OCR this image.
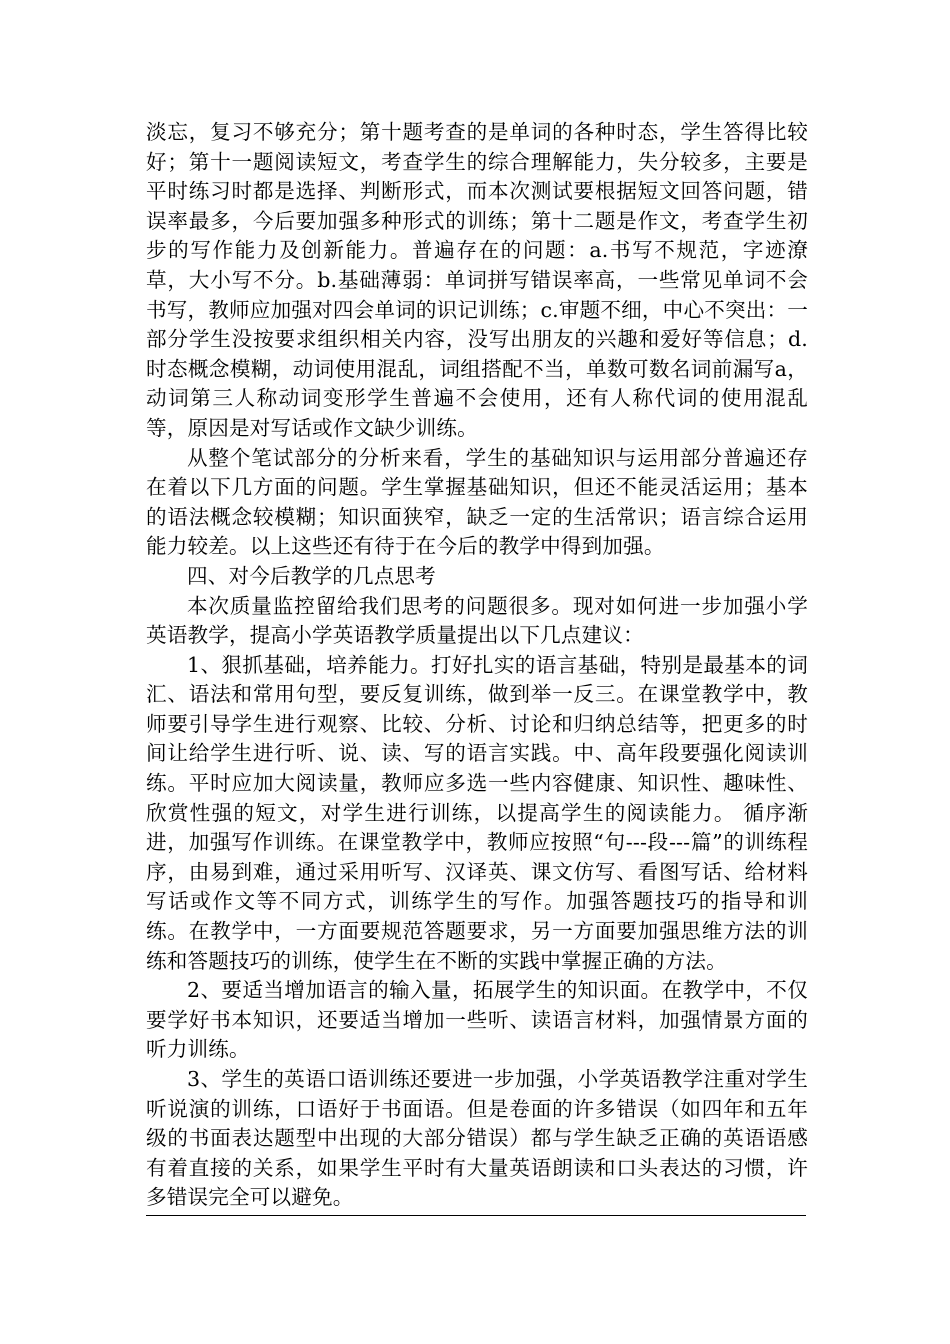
淡忘，复习不够充分；第十题考查的是单词的各种时态，学生答得比较好；第十一题阅读短文，考查学生的综合理解能力，失分较多，主要是平时练习时都是选择、判断形式，而本次测试要根据短文回答问题，错误率最多，今后要加强多种形式的训练；第十二题是作文，考查学生初步的写作能力及创新能力。普遍存在的问题：a.书写不规范，字迹潦草，大小写不分。b.基础薄弱：单词拼写错误率高，一些常见单词不会书写，教师应加强对四会单词的识记训练；c.审题不细，中心不突出：一部分学生没按要求组织相关内容，没写出朋友的兴趣和爱好等信息；d.时态概念模糊，动词使用混乱，词组搭配不当，单数可数名词前漏写a，动词第三人称动词变形学生普遍不会使用，还有人称代词的使用混乱等，原因是对写话或作文缺少训练。

从整个笔试部分的分析来看，学生的基础知识与运用部分普遍还存在着以下几方面的问题。学生掌握基础知识，但还不能灵活运用；基本的语法概念较模糊；知识面狭窄，缺乏一定的生活常识；语言综合运用能力较差。以上这些还有待于在今后的教学中得到加强。

四、对今后教学的几点思考

本次质量监控留给我们思考的问题很多。现对如何进一步加强小学英语教学，提高小学英语教学质量提出以下几点建议：

1、狠抓基础，培养能力。打好扎实的语言基础，特别是最基本的词汇、语法和常用句型，要反复训练，做到举一反三。在课堂教学中，教师要引导学生进行观察、比较、分析、讨论和归纳总结等，把更多的时间让给学生进行听、说、读、写的语言实践。中、高年段要强化阅读训练。平时应加大阅读量，教师应多选一些内容健康、知识性、趣味性、欣赏性强的短文，对学生进行训练，以提高学生的阅读能力。 循序渐进，加强写作训练。在课堂教学中，教师应按照“句---段---篇”的训练程序，由易到难，通过采用听写、汉译英、课文仿写、看图写话、给材料写话或作文等不同方式，训练学生的写作。加强答题技巧的指导和训练。在教学中，一方面要规范答题要求，另一方面要加强思维方法的训练和答题技巧的训练，使学生在不断的实践中掌握正确的方法。

2、要适当增加语言的输入量，拓展学生的知识面。在教学中，不仅要学好书本知识，还要适当增加一些听、读语言材料，加强情景方面的听力训练。

3、学生的英语口语训练还要进一步加强，小学英语教学注重对学生听说演的训练，口语好于书面语。但是卷面的许多错误（如四年和五年级的书面表达题型中出现的大部分错误）都与学生缺乏正确的英语语感有着直接的关系，如果学生平时有大量英语朗读和口头表达的习惯，许多错误完全可以避免。
